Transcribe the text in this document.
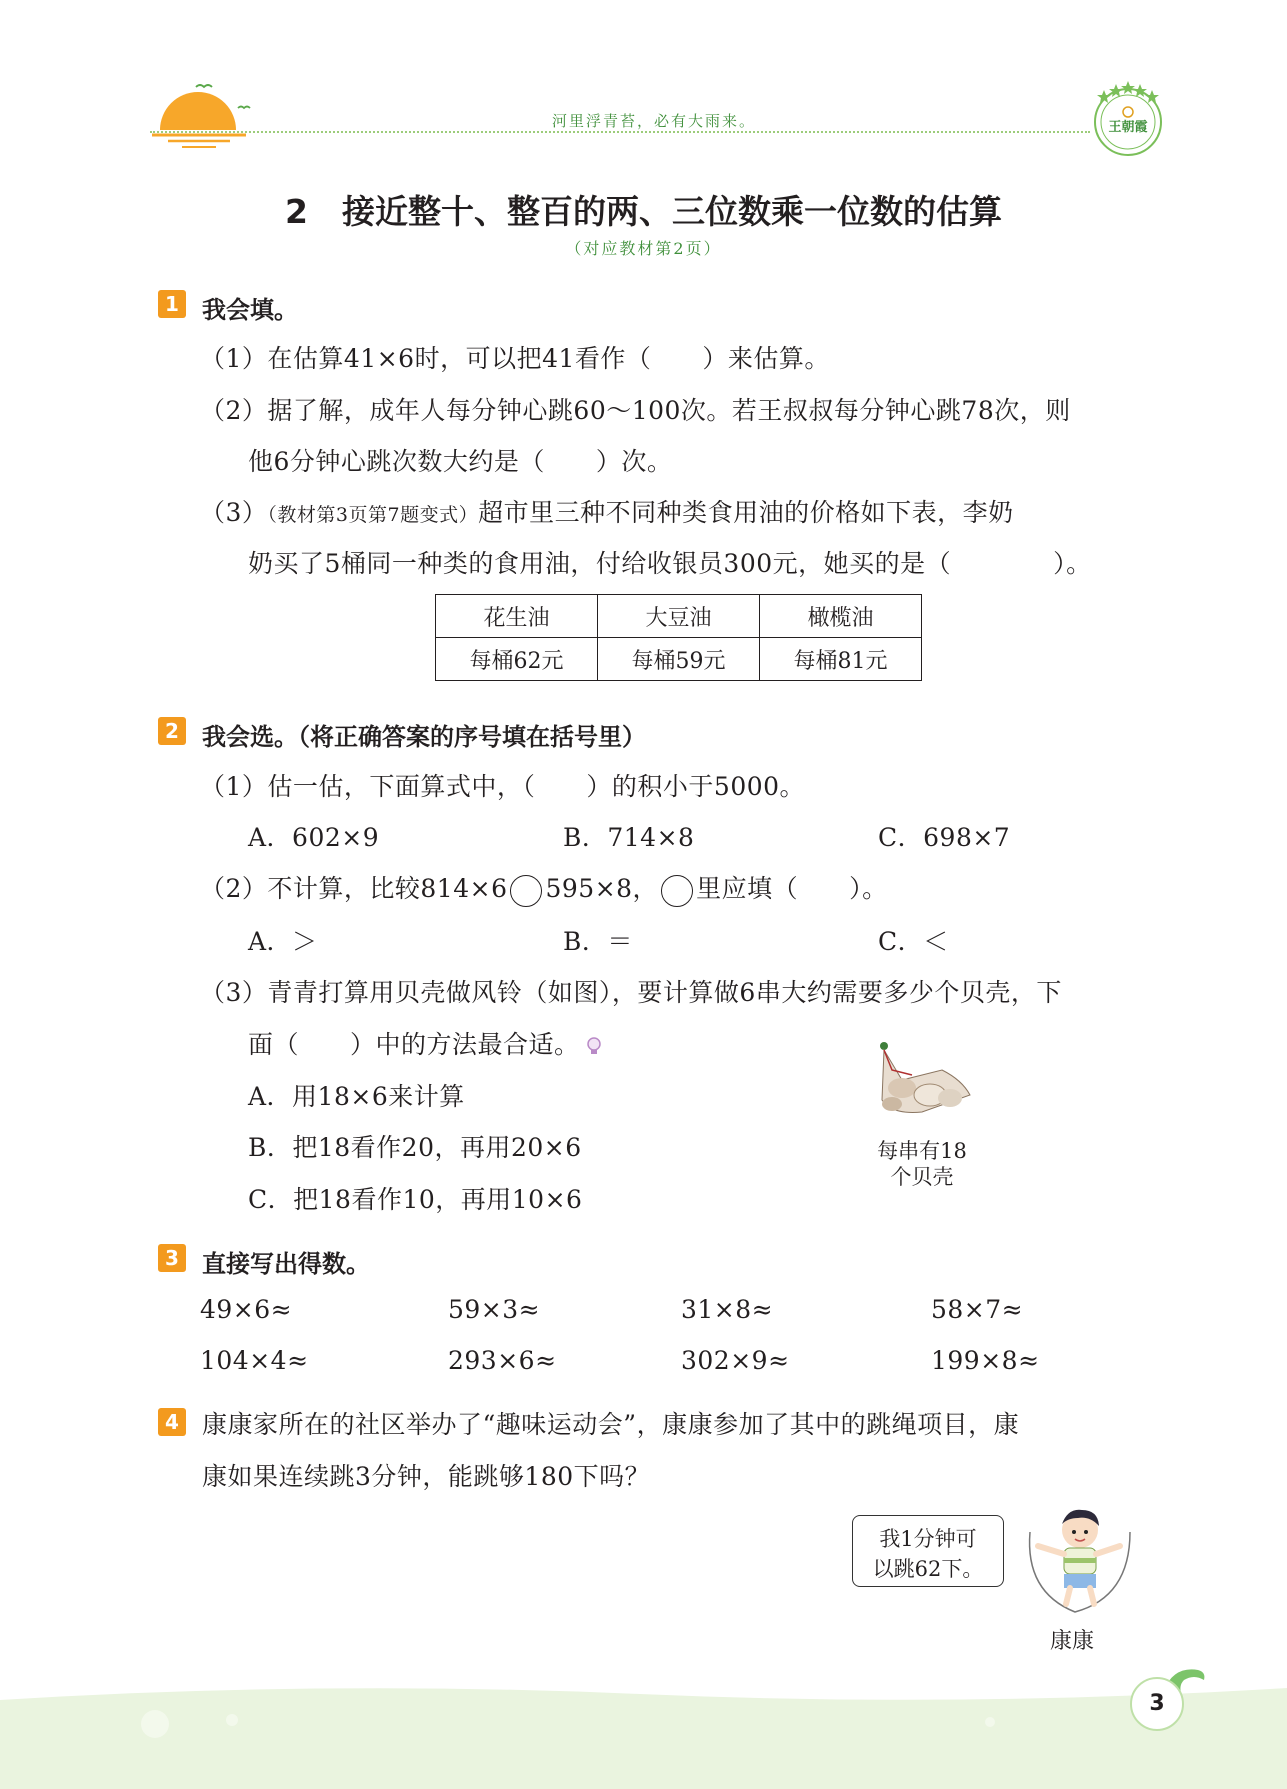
河里浮青苔，必有大雨来。	王朝霞
2 接近整十、整百的两、三位数乘一位数的估算
（对应教材第2页）
1 我会填。
（1）在估算41×6时，可以把41看作（　　）来估算。
（2）据了解，成年人每分钟心跳60～100次。若王叔叔每分钟心跳78次，则
他6分钟心跳次数大约是（　　）次。
（3）（教材第3页第7题变式）超市里三种不同种类食用油的价格如下表，李奶
奶买了5桶同一种类的食用油，付给收银员300元，她买的是（　　　　）。
花生油	大豆油	橄榄油
每桶62元	每桶59元	每桶81元
2 我会选。（将正确答案的序号填在括号里）
（1）估一估，下面算式中，（　　）的积小于5000。
A．602×9	B．714×8	C．698×7
（2）不计算，比较814×6 595×8， 里应填（　　）。
A．＞	B．＝	C．＜
（3）青青打算用贝壳做风铃（如图），要计算做6串大约需要多少个贝壳，下
面（　　）中的方法最合适。
A．用18×6来计算
B．把18看作20，再用20×6
C．把18看作10，再用10×6
每串有18
个贝壳
3 直接写出得数。
49×6≈	59×3≈	31×8≈	58×7≈
104×4≈	293×6≈	302×9≈	199×8≈
4 康康家所在的社区举办了“趣味运动会”，康康参加了其中的跳绳项目，康
康如果连续跳3分钟，能跳够180下吗？
我1分钟可
以跳62下。
康康
3
